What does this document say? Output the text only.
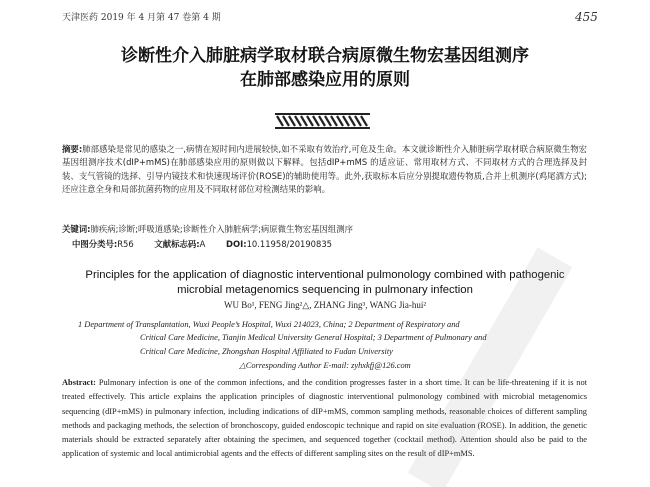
天津医药 2019 年 4 月第 47 卷第 4 期	455
诊断性介入肺脏病学取材联合病原微生物宏基因组测序
在肺部感染应用的原则
摘要:肺部感染是常见的感染之一,病情在短时间内进展较快,如不采取有效治疗,可危及生命。本文就诊断性介入肺脏病学取材联合病原微生物宏基因组测序技术(dIP+mMS)在肺部感染应用的原则做以下解释。包括dIP+mMS 的适应证、常用取材方式、不同取材方式的合理选择及封装、支气管镜的选择、引导内镜技术和快速现场评价(ROSE)的辅助使用等。此外,获取标本后应分别提取遗传物质,合并上机测序(鸡尾酒方式);还应注意全身和局部抗菌药物的应用及不同取材部位对检测结果的影响。
关键词:肺疾病;诊断;呼吸道感染;诊断性介入肺脏病学;病原微生物宏基因组测序
中图分类号:R56 文献标志码:A DOI:10.11958/20190835
Principles for the application of diagnostic interventional pulmonology combined with pathogenic microbial metagenomics sequencing in pulmonary infection
WU Bo¹, FENG Jing²△, ZHANG Jing³, WANG Jia-hui²
1 Department of Transplantation, Wuxi People’s Hospital, Wuxi 214023, China; 2 Department of Respiratory and
Critical Care Medicine, Tianjin Medical University General Hospital; 3 Department of Pulmonary and
Critical Care Medicine, Zhongshan Hospital Affiliated to Fudan University
△Corresponding Author E-mail: zyhxkfj@126.com
Abstract: Pulmonary infection is one of the common infections, and the condition progresses faster in a short time. It can be life-threatening if it is not treated effectively. This article explains the application principles of diagnostic interventional pulmonology combined with microbial metagenomics sequencing (dIP+mMS) in pulmonary infection, including indications of dIP+mMS, common sampling methods, reasonable choices of different sampling methods and packaging methods, the selection of bronchoscopy, guided endoscopic technique and rapid on site evaluation (ROSE). In addition, the genetic materials should be extracted separately after obtaining the specimen, and sequenced together (cocktail method). Attention should also be paid to the application of systemic and local antimicrobial agents and the effects of different sampling sites on the result of dIP+mMS.
